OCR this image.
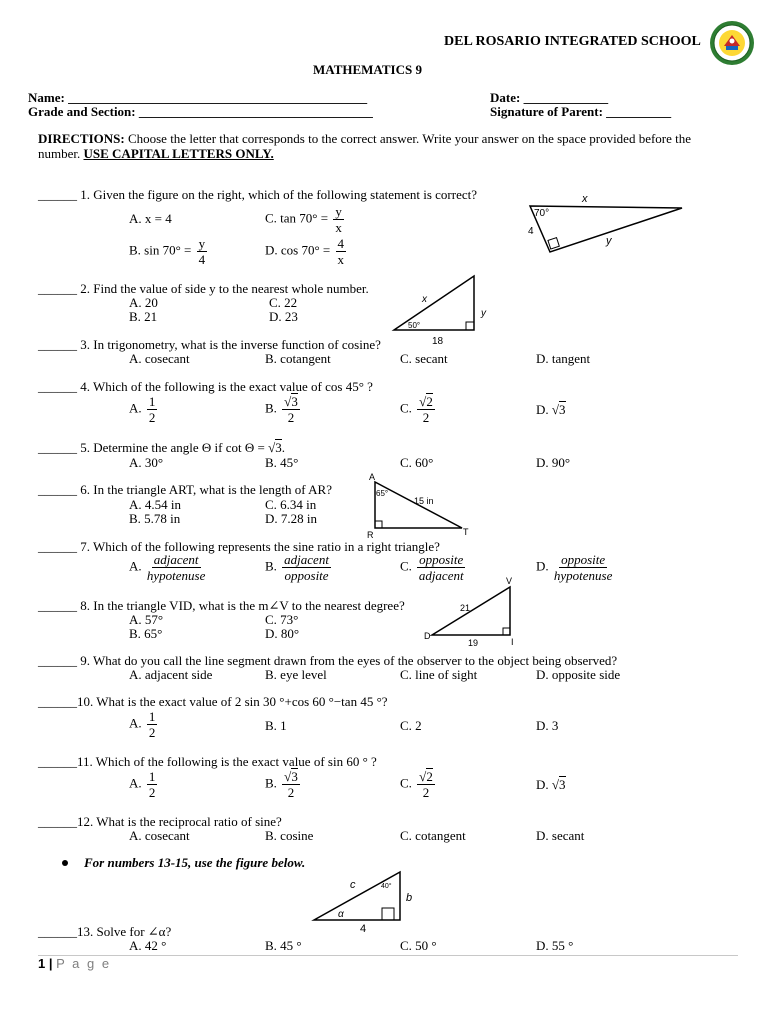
DEL ROSARIO INTEGRATED SCHOOL
MATHEMATICS 9
Name: ______________________________________________
Grade and Section: ____________________________________
Date: _____________
Signature of Parent: __________
DIRECTIONS: Choose the letter that corresponds to the correct answer. Write your answer on the space provided before the
number. USE CAPITAL LETTERS ONLY.
______ 1. Given the figure on the right, which of the following statement is correct?
A. x = 4	C. $\tan 70^\circ = \frac{y}{x}$
B. $\sin 70^\circ = \frac{y}{4}$	D. $\cos 70^\circ = \frac{4}{x}$
x
70°
4
y
______ 2. Find the value of side y to the nearest whole number.
A. 20	C. 22
B. 21	D. 23
x
y
50°
18
______ 3. In trigonometry, what is the inverse function of cosine?
A. cosecant	B. cotangent	C. secant	D. tangent
______ 4. Which of the following is the exact value of cos 45° ?
A. $\frac{1}{2}$	B. $\frac{√3}{2}$	C. $\frac{√2}{2}$	D. √3
______ 5. Determine the angle Θ if cot Θ = √3.
A. 30°	B. 45°	C. 60°	D. 90°
______ 6. In the triangle ART, what is the length of AR?
A. 4.54 in	C. 6.34 in
B. 5.78 in	D. 7.28 in
A
65°
15 in
R	T
______ 7. Which of the following represents the sine ratio in a right triangle?
A. $\frac{\text{adjacent}}{\text{hypotenuse}}$	B. $\frac{\text{adjacent}}{\text{opposite}}$	C. $\frac{\text{opposite}}{\text{adjacent}}$	D. $\frac{\text{opposite}}{\text{hypotenuse}}$
______ 8. In the triangle VID, what is the m∠V to the nearest degree?
A. 57°	C. 73°
B. 65°	D. 80°
V
21
D
19	I
______ 9. What do you call the line segment drawn from the eyes of the observer to the object being observed?
A. adjacent side	B. eye level	C. line of sight	D. opposite side
______10. What is the exact value of 2 sin 30 °+cos 60 °−tan 45 °?
A. $\frac{1}{2}$	B. 1	C. 2	D. 3
______11. Which of the following is the exact value of sin 60 ° ?
A. $\frac{1}{2}$	B. $\frac{√3}{2}$	C. $\frac{√2}{2}$	D. √3
______12. What is the reciprocal ratio of sine?
A. cosecant	B. cosine	C. cotangent	D. secant
For numbers 13-15, use the figure below.
c	40°
b
α
4
______13. Solve for ∠α?
A. 42 °	B. 45 °	C. 50 °	D. 55 °
1 | P a g e
